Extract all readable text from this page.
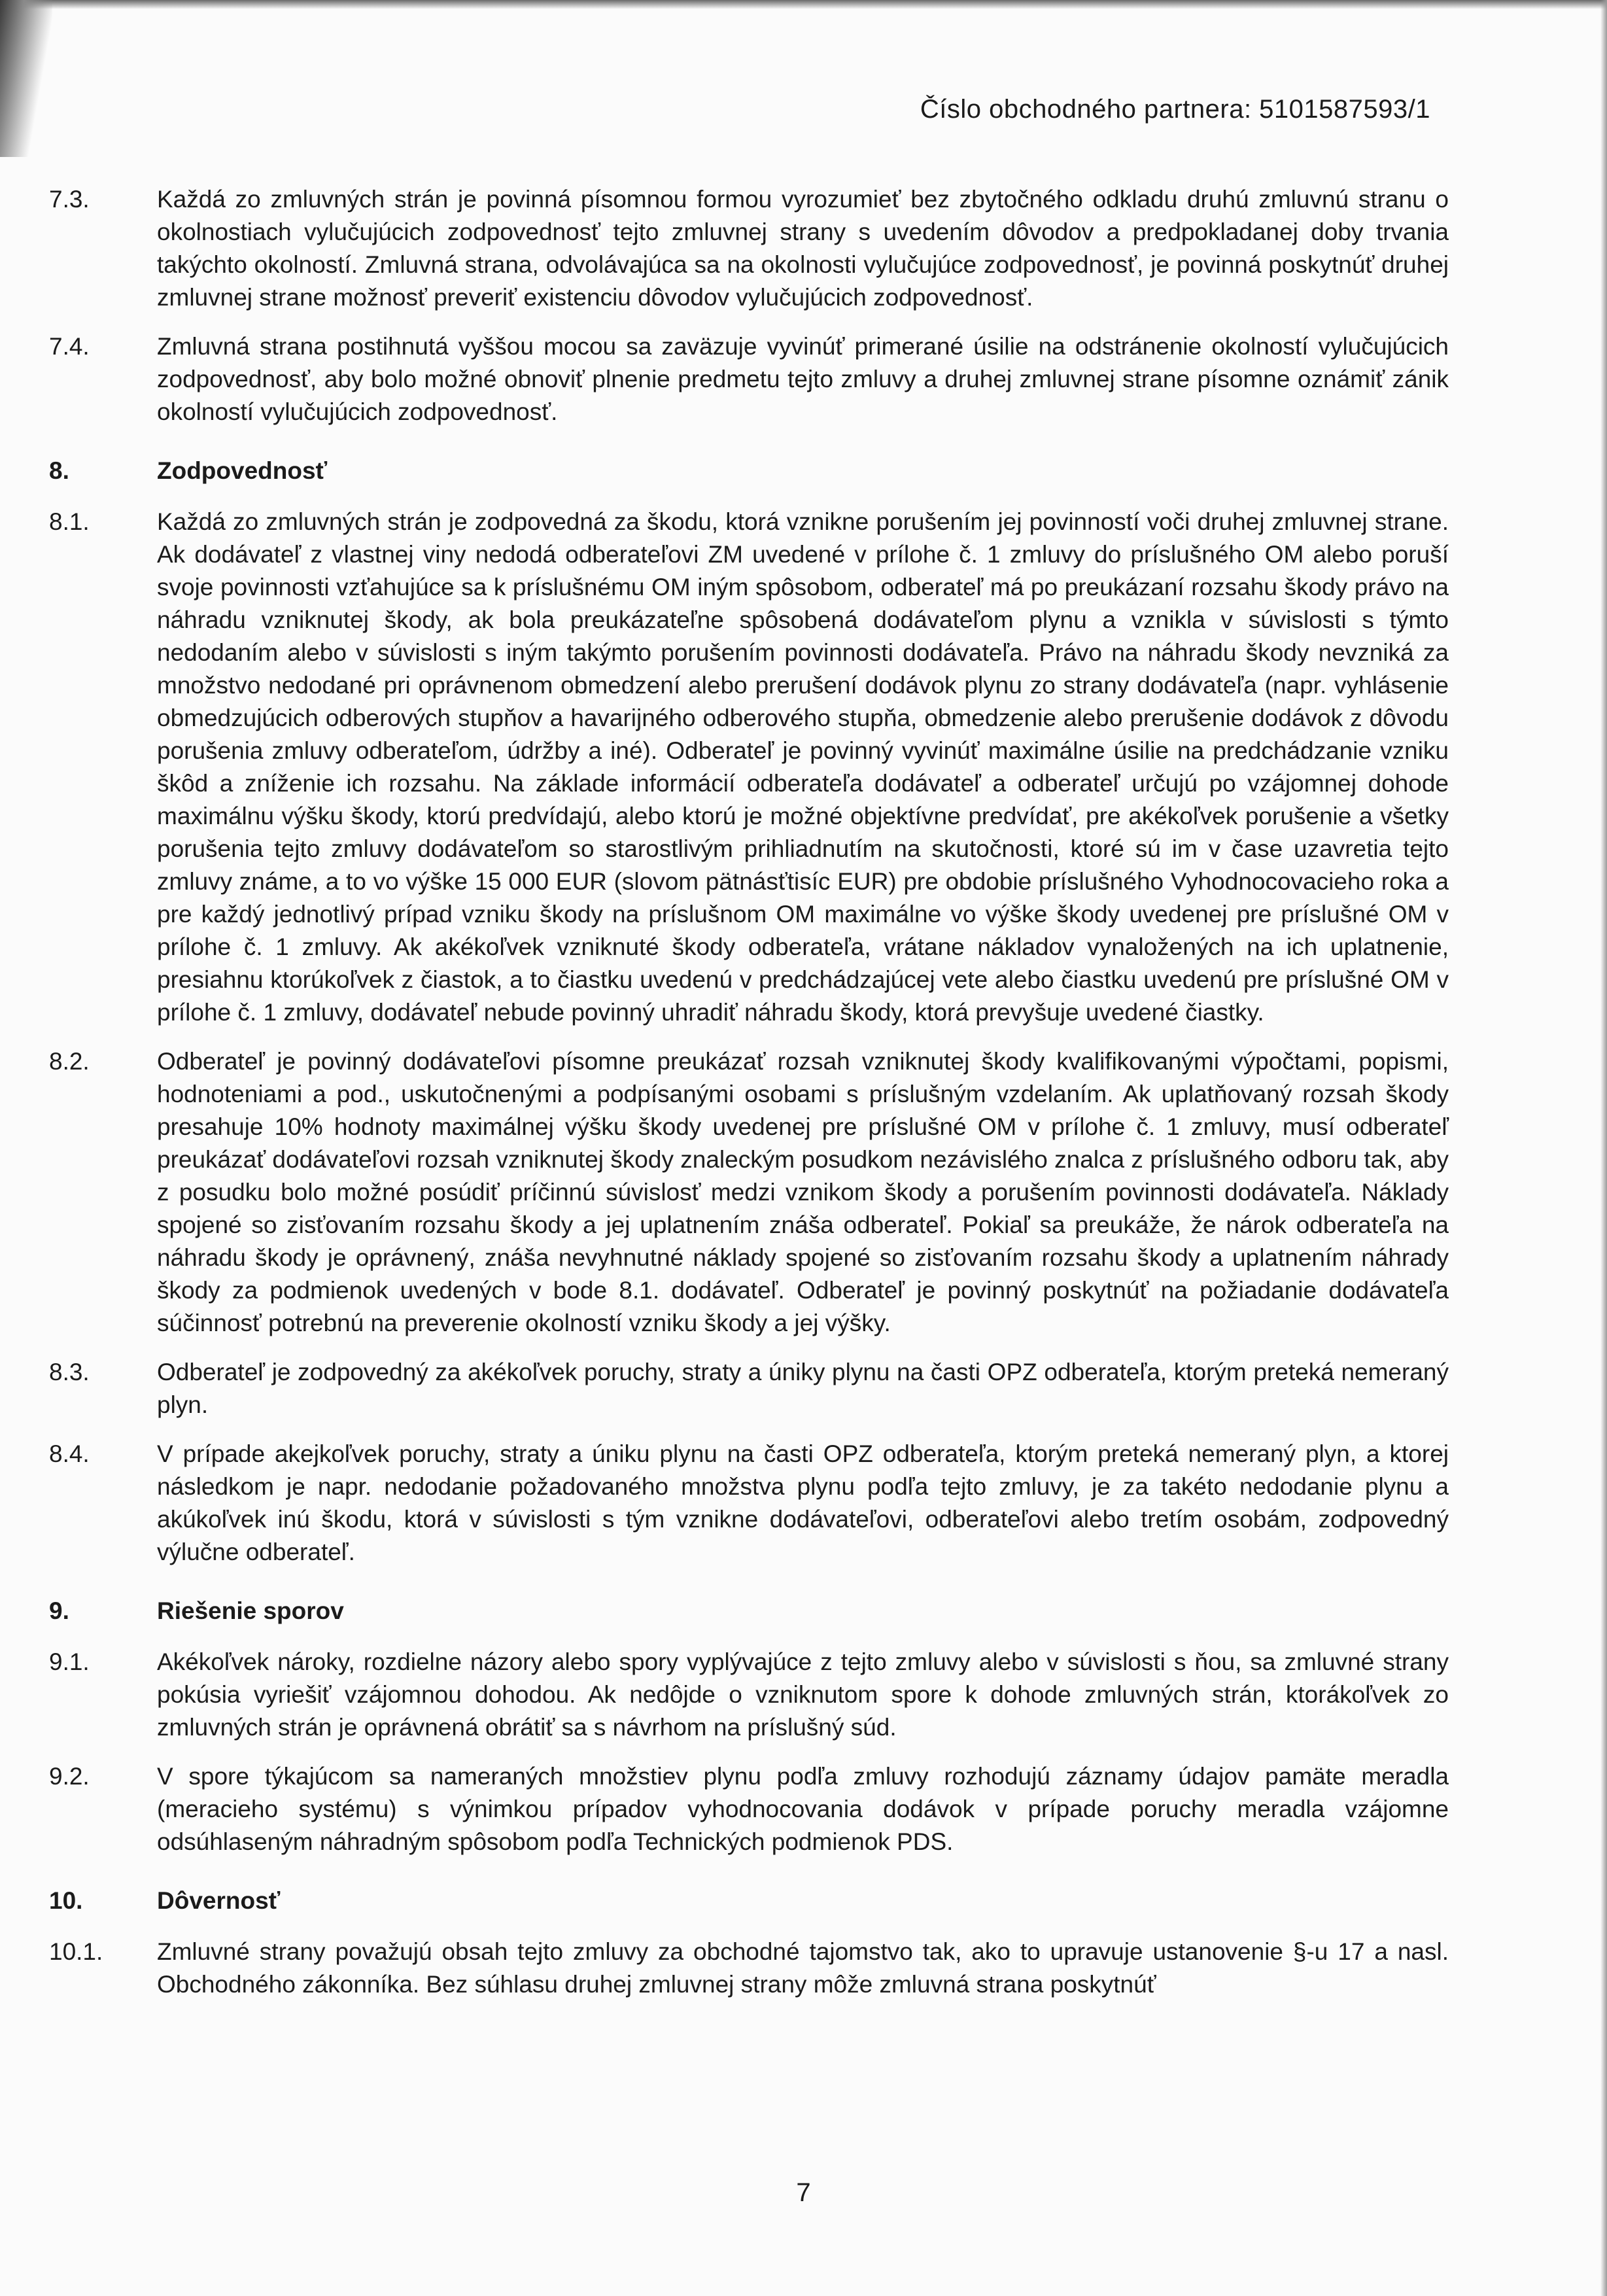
Číslo obchodného partnera: 5101587593/1
7.3.	Každá zo zmluvných strán je povinná písomnou formou vyrozumieť bez zbytočného odkladu druhú zmluvnú stranu o okolnostiach vylučujúcich zodpovednosť tejto zmluvnej strany s uvedením dôvodov a predpokladanej doby trvania takýchto okolností. Zmluvná strana, odvolávajúca sa na okolnosti vylučujúce zodpovednosť, je povinná poskytnúť druhej zmluvnej strane možnosť preveriť existenciu dôvodov vylučujúcich zodpovednosť.

7.4.	Zmluvná strana postihnutá vyššou mocou sa zaväzuje vyvinúť primerané úsilie na odstránenie okolností vylučujúcich zodpovednosť, aby bolo možné obnoviť plnenie predmetu tejto zmluvy a druhej zmluvnej strane písomne oznámiť zánik okolností vylučujúcich zodpovednosť.

8.	Zodpovednosť

8.1.	Každá zo zmluvných strán je zodpovedná za škodu, ktorá vznikne porušením jej povinností voči druhej zmluvnej strane. Ak dodávateľ z vlastnej viny nedodá odberateľovi ZM uvedené v prílohe č. 1 zmluvy do príslušného OM alebo poruší svoje povinnosti vzťahujúce sa k príslušnému OM iným spôsobom, odberateľ má po preukázaní rozsahu škody právo na náhradu vzniknutej škody, ak bola preukázateľne spôsobená dodávateľom plynu a vznikla v súvislosti s týmto nedodaním alebo v súvislosti s iným takýmto porušením povinnosti dodávateľa. Právo na náhradu škody nevzniká za množstvo nedodané pri oprávnenom obmedzení alebo prerušení dodávok plynu zo strany dodávateľa (napr. vyhlásenie obmedzujúcich odberových stupňov a havarijného odberového stupňa, obmedzenie alebo prerušenie dodávok z dôvodu porušenia zmluvy odberateľom, údržby a iné). Odberateľ je povinný vyvinúť maximálne úsilie na predchádzanie vzniku škôd a zníženie ich rozsahu. Na základe informácií odberateľa dodávateľ a odberateľ určujú po vzájomnej dohode maximálnu výšku škody, ktorú predvídajú, alebo ktorú je možné objektívne predvídať, pre akékoľvek porušenie a všetky porušenia tejto zmluvy dodávateľom so starostlivým prihliadnutím na skutočnosti, ktoré sú im v čase uzavretia tejto zmluvy známe, a to vo výške 15 000 EUR (slovom pätnásťtisíc EUR) pre obdobie príslušného Vyhodnocovacieho roka a pre každý jednotlivý prípad vzniku škody na príslušnom OM maximálne vo výške škody uvedenej pre príslušné OM v prílohe č. 1 zmluvy. Ak akékoľvek vzniknuté škody odberateľa, vrátane nákladov vynaložených na ich uplatnenie, presiahnu ktorúkoľvek z čiastok, a to čiastku uvedenú v predchádzajúcej vete alebo čiastku uvedenú pre príslušné OM v prílohe č. 1 zmluvy, dodávateľ nebude povinný uhradiť náhradu škody, ktorá prevyšuje uvedené čiastky.

8.2.	Odberateľ je povinný dodávateľovi písomne preukázať rozsah vzniknutej škody kvalifikovanými výpočtami, popismi, hodnoteniami a pod., uskutočnenými a podpísanými osobami s príslušným vzdelaním. Ak uplatňovaný rozsah škody presahuje 10% hodnoty maximálnej výšku škody uvedenej pre príslušné OM v prílohe č. 1 zmluvy, musí odberateľ preukázať dodávateľovi rozsah vzniknutej škody znaleckým posudkom nezávislého znalca z príslušného odboru tak, aby z posudku bolo možné posúdiť príčinnú súvislosť medzi vznikom škody a porušením povinnosti dodávateľa. Náklady spojené so zisťovaním rozsahu škody a jej uplatnením znáša odberateľ. Pokiaľ sa preukáže, že nárok odberateľa na náhradu škody je oprávnený, znáša nevyhnutné náklady spojené so zisťovaním rozsahu škody a uplatnením náhrady škody za podmienok uvedených v bode 8.1. dodávateľ. Odberateľ je povinný poskytnúť na požiadanie dodávateľa súčinnosť potrebnú na preverenie okolností vzniku škody a jej výšky.

8.3.	Odberateľ je zodpovedný za akékoľvek poruchy, straty a úniky plynu na časti OPZ odberateľa, ktorým preteká nemeraný plyn.

8.4.	V prípade akejkoľvek poruchy, straty a úniku plynu na časti OPZ odberateľa, ktorým preteká nemeraný plyn, a ktorej následkom je napr. nedodanie požadovaného množstva plynu podľa tejto zmluvy, je za takéto nedodanie plynu a akúkoľvek inú škodu, ktorá v súvislosti s tým vznikne dodávateľovi, odberateľovi alebo tretím osobám, zodpovedný výlučne odberateľ.

9.	Riešenie sporov

9.1.	Akékoľvek nároky, rozdielne názory alebo spory vyplývajúce z tejto zmluvy alebo v súvislosti s ňou, sa zmluvné strany pokúsia vyriešiť vzájomnou dohodou. Ak nedôjde o vzniknutom spore k dohode zmluvných strán, ktorákoľvek zo zmluvných strán je oprávnená obrátiť sa s návrhom na príslušný súd.

9.2.	V spore týkajúcom sa nameraných množstiev plynu podľa zmluvy rozhodujú záznamy údajov pamäte meradla (meracieho systému) s výnimkou prípadov vyhodnocovania dodávok v prípade poruchy meradla vzájomne odsúhlaseným náhradným spôsobom podľa Technických podmienok PDS.

10.	Dôvernosť

10.1.	Zmluvné strany považujú obsah tejto zmluvy za obchodné tajomstvo tak, ako to upravuje ustanovenie §-u 17 a nasl. Obchodného zákonníka. Bez súhlasu druhej zmluvnej strany môže zmluvná strana poskytnúť

7
